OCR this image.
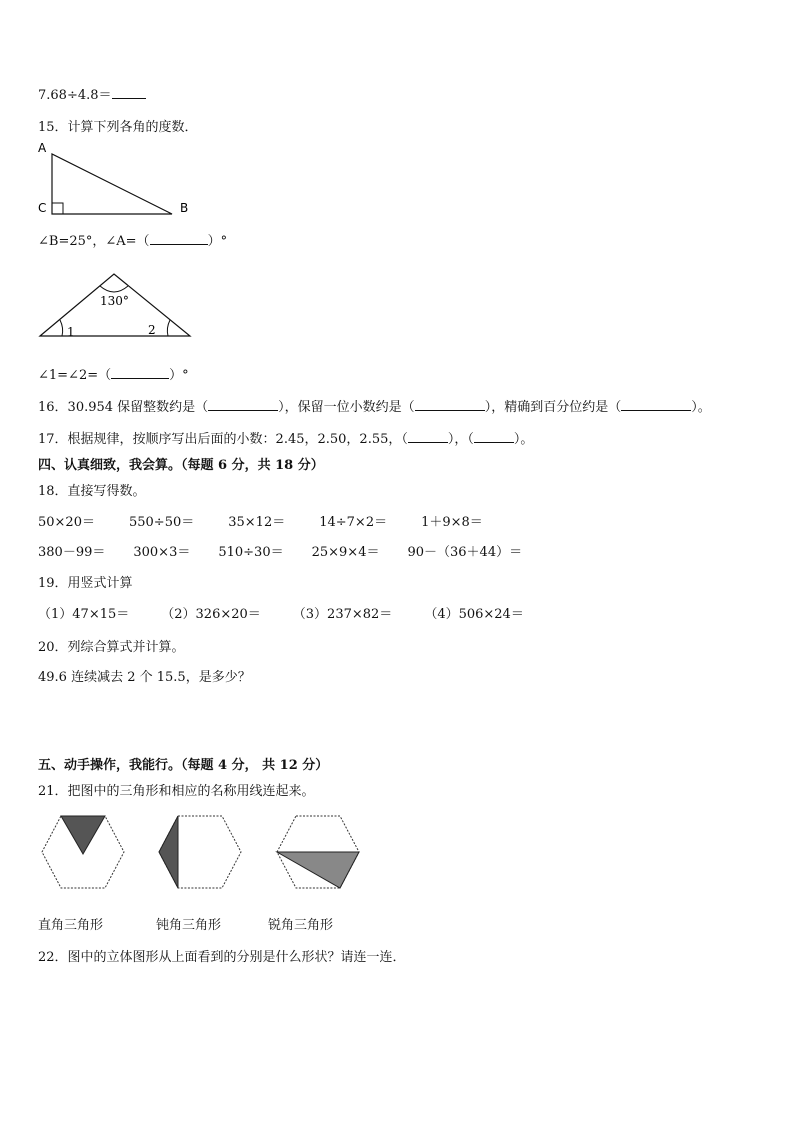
7.68÷4.8＝
15．计算下列各角的度数．
A
C	B
∠B=25°，∠A=（	）°
130°
1	2
∠1=∠2=（	）°
16．30.954 保留整数约是（	），保留一位小数约是（	），精确到百分位约是（	）。
17．根据规律，按顺序写出后面的小数：2.45，2.50，2.55，（	），（	）。
四、认真细致，我会算。（每题 6 分，共 18 分）
18．直接写得数。
50×20＝	550÷50＝	35×12＝	14÷7×2＝	1＋9×8＝
380－99＝ 300×3＝ 510÷30＝ 25×9×4＝ 90－（36＋44）＝
19．用竖式计算
（1）47×15＝ （2）326×20＝ （3）237×82＝ （4）506×24＝
20．列综合算式并计算。
49.6 连续减去 2 个 15.5，是多少？
五、动手操作，我能行。（每题 4 分， 共 12 分）
21．把图中的三角形和相应的名称用线连起来。
直角三角形	钝角三角形	锐角三角形
22．图中的立体图形从上面看到的分别是什么形状？请连一连．
